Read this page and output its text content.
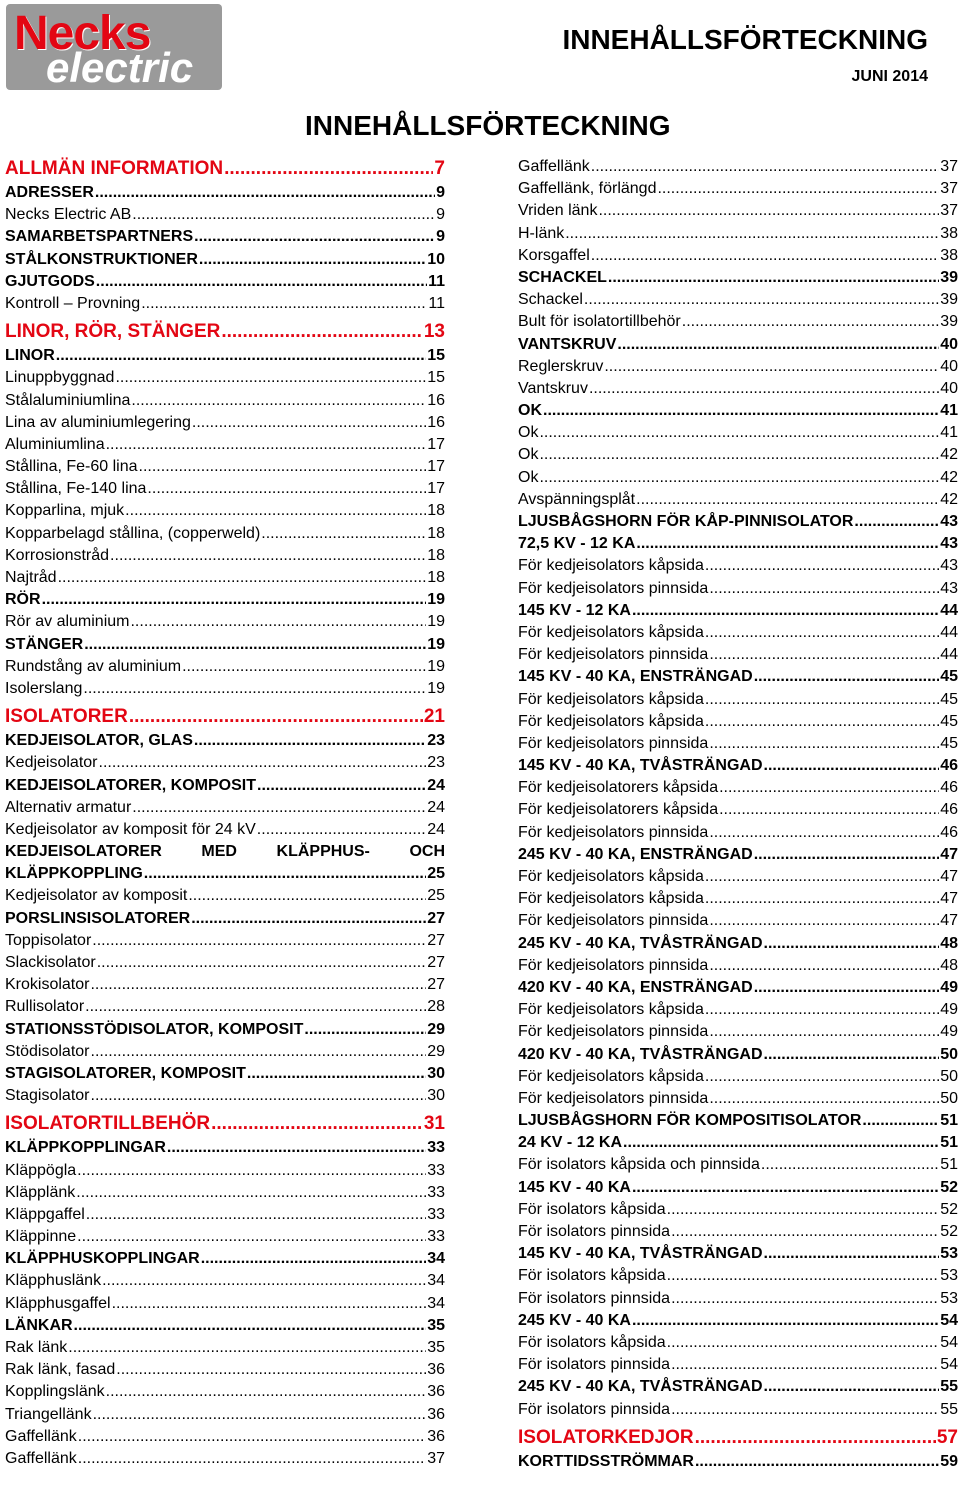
Necks
electric
INNEHÅLLSFÖRTECKNING
JUNI 2014
INNEHÅLLSFÖRTECKNING
ALLMÄN INFORMATION .....	7
ADRESSER .....	9
Necks Electric AB .....	9
SAMARBETSPARTNERS .....	9
STÅLKONSTRUKTIONER .....	10
GJUTGODS .....	11
Kontroll – Provning .....	11
LINOR, RÖR, STÄNGER .....	13
LINOR .....	15
Linuppbyggnad .....	15
Stålaluminiumlina .....	16
Lina av aluminiumlegering .....	16
Aluminiumlina .....	17
Stållina, Fe-60 lina .....	17
Stållina, Fe-140 lina .....	17
Kopparlina, mjuk .....	18
Kopparbelagd stållina, (copperweld) .....	18
Korrosionstråd .....	18
Najtråd .....	18
RÖR .....	19
Rör av aluminium .....	19
STÄNGER .....	19
Rundstång av aluminium .....	19
Isolerslang .....	19
ISOLATORER .....	21
KEDJEISOLATOR, GLAS .....	23
Kedjeisolator .....	23
KEDJEISOLATORER, KOMPOSIT .....	24
Alternativ armatur .....	24
Kedjeisolator av komposit för 24 kV .....	24
KEDJEISOLATORER MED KLÄPPHUS- OCH
KLÄPPKOPPLING .....	25
Kedjeisolator av komposit .....	25
PORSLINSISOLATORER .....	27
Toppisolator .....	27
Slackisolator .....	27
Krokisolator .....	27
Rullisolator .....	28
STATIONSSTÖDISOLATOR, KOMPOSIT .....	29
Stödisolator .....	29
STAGISOLATORER, KOMPOSIT .....	30
Stagisolator .....	30
ISOLATORTILLBEHÖR .....	31
KLÄPPKOPPLINGAR .....	33
Kläppögla .....	33
Kläpplänk .....	33
Kläppgaffel .....	33
Kläppinne .....	33
KLÄPPHUSKOPPLINGAR .....	34
Kläpphuslänk .....	34
Kläpphusgaffel .....	34
LÄNKAR .....	35
Rak länk .....	35
Rak länk, fasad .....	36
Kopplingslänk .....	36
Triangellänk .....	36
Gaffellänk .....	36
Gaffellänk .....	37
Gaffellänk .....	37
Gaffellänk, förlängd .....	37
Vriden länk .....	37
H-länk .....	38
Korsgaffel .....	38
SCHACKEL .....	39
Schackel .....	39
Bult för isolatortillbehör .....	39
VANTSKRUV .....	40
Reglerskruv .....	40
Vantskruv .....	40
OK .....	41
Ok .....	41
Ok .....	42
Ok .....	42
Avspänningsplåt .....	42
LJUSBÅGSHORN FÖR KÅP-PINNISOLATOR .....	43
72,5 KV - 12 KA .....	43
För kedjeisolators kåpsida .....	43
För kedjeisolators pinnsida .....	43
145 KV - 12 KA .....	44
För kedjeisolators kåpsida .....	44
För kedjeisolators pinnsida .....	44
145 KV - 40 KA, ENSTRÄNGAD .....	45
För kedjeisolators kåpsida .....	45
För kedjeisolators kåpsida .....	45
För kedjeisolators pinnsida .....	45
145 KV - 40 KA, TVÅSTRÄNGAD .....	46
För kedjeisolatorers kåpsida .....	46
För kedjeisolatorers kåpsida .....	46
För kedjeisolators pinnsida .....	46
245 KV - 40 KA, ENSTRÄNGAD .....	47
För kedjeisolators kåpsida .....	47
För kedjeisolators kåpsida .....	47
För kedjeisolators pinnsida .....	47
245 KV - 40 KA, TVÅSTRÄNGAD .....	48
För kedjeisolators pinnsida .....	48
420 KV - 40 KA, ENSTRÄNGAD .....	49
För kedjeisolators kåpsida .....	49
För kedjeisolators pinnsida .....	49
420 KV - 40 KA, TVÅSTRÄNGAD .....	50
För kedjeisolators kåpsida .....	50
För kedjeisolators pinnsida .....	50
LJUSBÅGSHORN FÖR KOMPOSITISOLATOR .....	51
24 KV - 12 KA .....	51
För isolators kåpsida och pinnsida .....	51
145 KV - 40 KA .....	52
För isolators kåpsida .....	52
För isolators pinnsida .....	52
145 KV - 40 KA, TVÅSTRÄNGAD .....	53
För isolators kåpsida .....	53
För isolators pinnsida .....	53
245 KV - 40 KA .....	54
För isolators kåpsida .....	54
För isolators pinnsida .....	54
245 KV - 40 KA, TVÅSTRÄNGAD .....	55
För isolators pinnsida .....	55
ISOLATORKEDJOR .....	57
KORTTIDSSTRÖMMAR .....	59
